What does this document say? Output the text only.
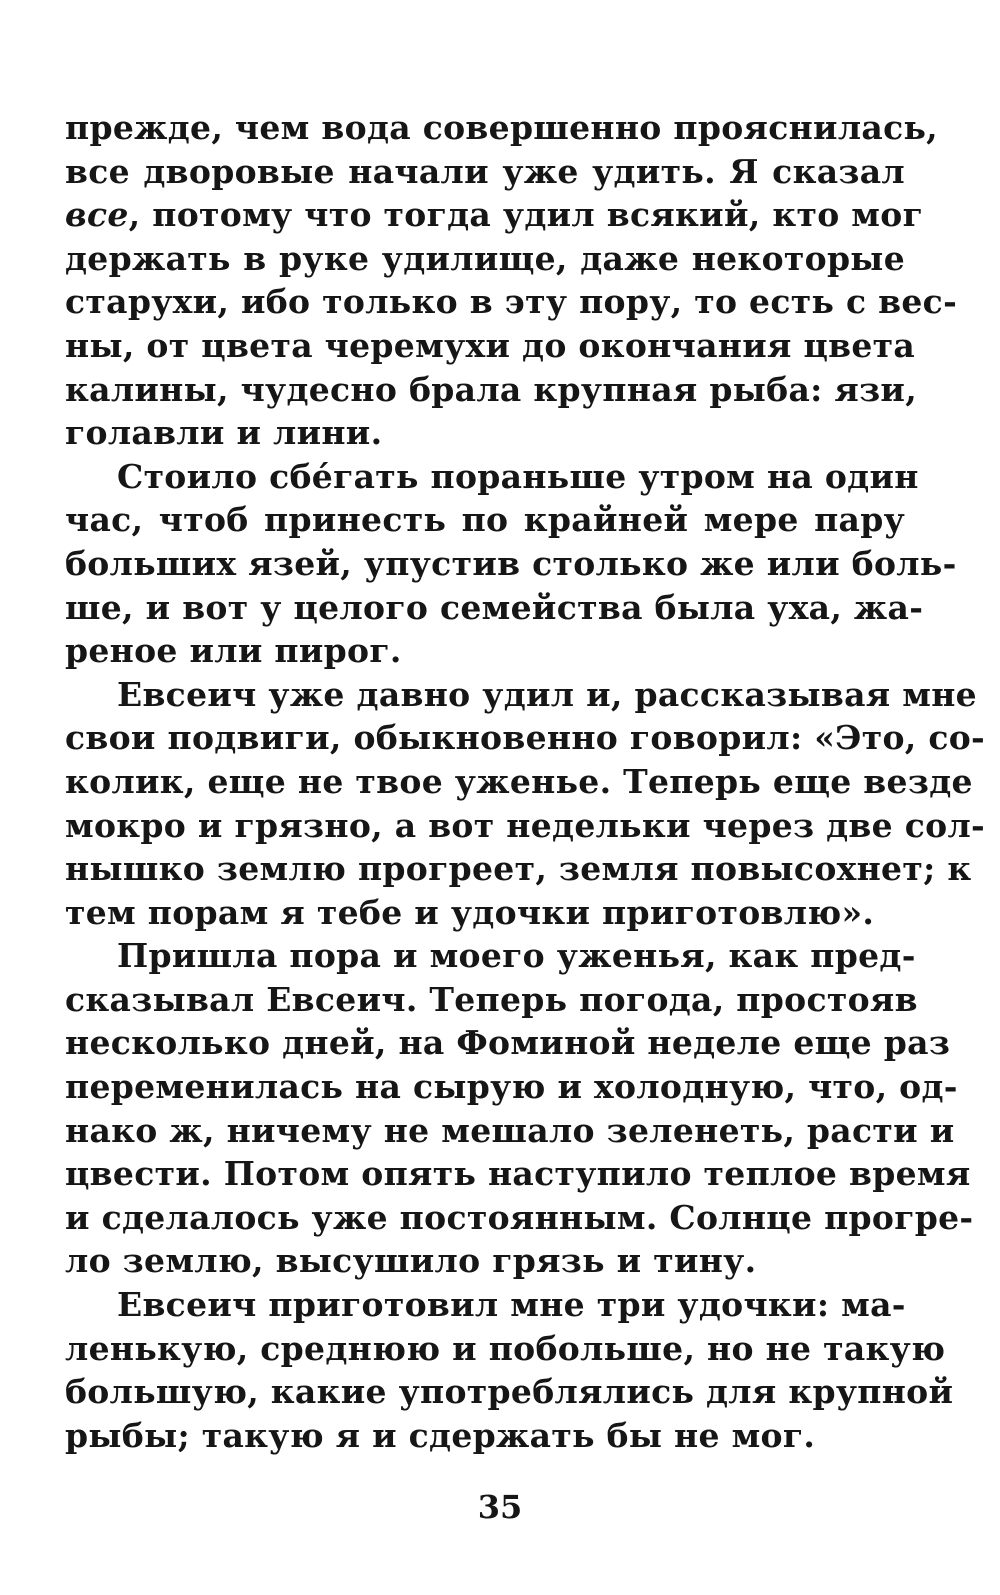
прежде, чем вода совершенно прояснилась,
все дворовые начали уже удить. Я сказал
все, потому что тогда удил всякий, кто мог
держать в руке удилище, даже некоторые
старухи, ибо только в эту пору, то есть с вес-
ны, от цвета черемухи до окончания цвета
калины, чудесно брала крупная рыба: язи,
голавли и лини.
Стоило сбе́гать пораньше утром на один
час, чтоб принесть по крайней мере пару
больших язей, упустив столько же или боль-
ше, и вот у целого семейства была уха, жа-
реное или пирог.
Евсеич уже давно удил и, рассказывая мне
свои подвиги, обыкновенно говорил: «Это, со-
колик, еще не твое уженье. Теперь еще везде
мокро и грязно, а вот недельки через две сол-
нышко землю прогреет, земля повысохнет; к
тем порам я тебе и удочки приготовлю».
Пришла пора и моего уженья, как пред-
сказывал Евсеич. Теперь погода, простояв
несколько дней, на Фоминой неделе еще раз
переменилась на сырую и холодную, что, од-
нако ж, ничему не мешало зеленеть, расти и
цвести. Потом опять наступило теплое время
и сделалось уже постоянным. Солнце прогре-
ло землю, высушило грязь и тину.
Евсеич приготовил мне три удочки: ма-
ленькую, среднюю и побольше, но не такую
большую, какие употреблялись для крупной
рыбы; такую я и сдержать бы не мог.
35
